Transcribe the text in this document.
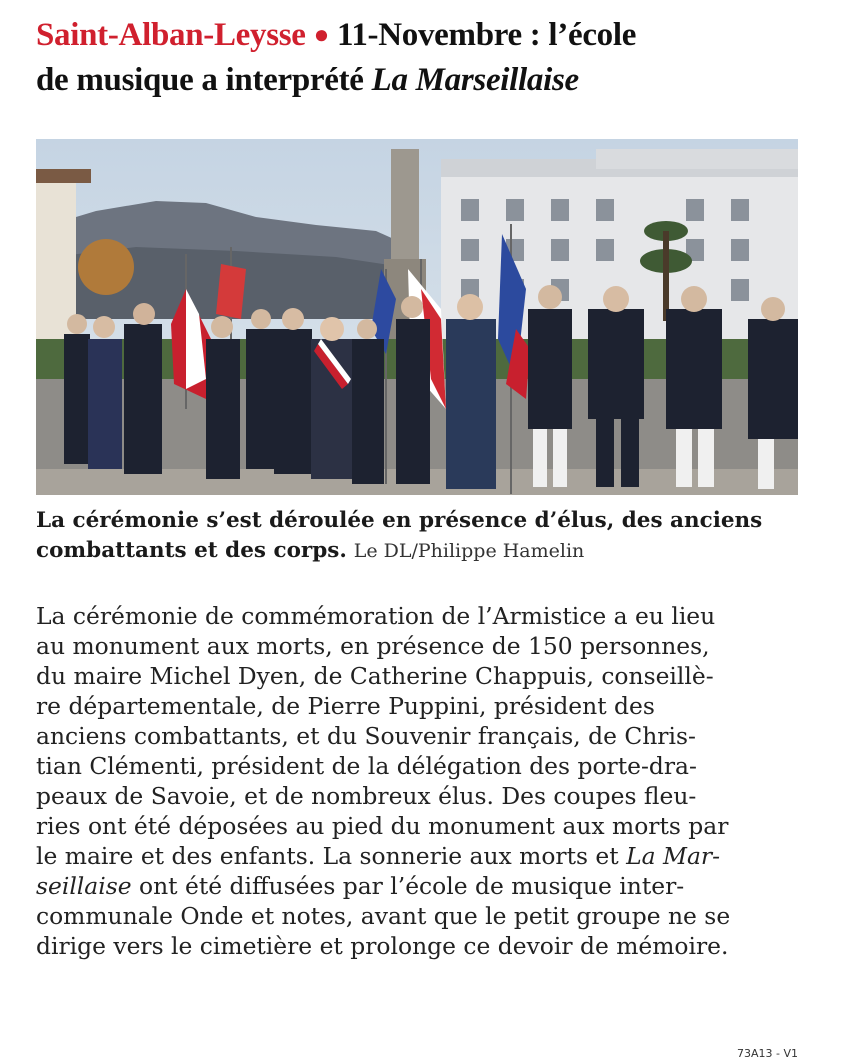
Saint-Alban-Leysse ● 11-Novembre : l’école
de musique a interprété La Marseillaise
La cérémonie s’est déroulée en présence d’élus, des anciens combattants et des corps. Le DL/Philippe Hamelin
La cérémonie de commémoration de l’Armistice a eu lieu
au monument aux morts, en présence de 150 personnes,
du maire Michel Dyen, de Catherine Chappuis, conseillè-
re départementale, de Pierre Puppini, président des
anciens combattants, et du Souvenir français, de Chris-
tian Clémenti, président de la délégation des porte-dra-
peaux de Savoie, et de nombreux élus. Des coupes fleu-
ries ont été déposées au pied du monument aux morts par
le maire et des enfants. La sonnerie aux morts et La Mar-
seillaise ont été diffusées par l’école de musique inter-
communale Onde et notes, avant que le petit groupe ne se
dirige vers le cimetière et prolonge ce devoir de mémoire.
73A13 - V1
